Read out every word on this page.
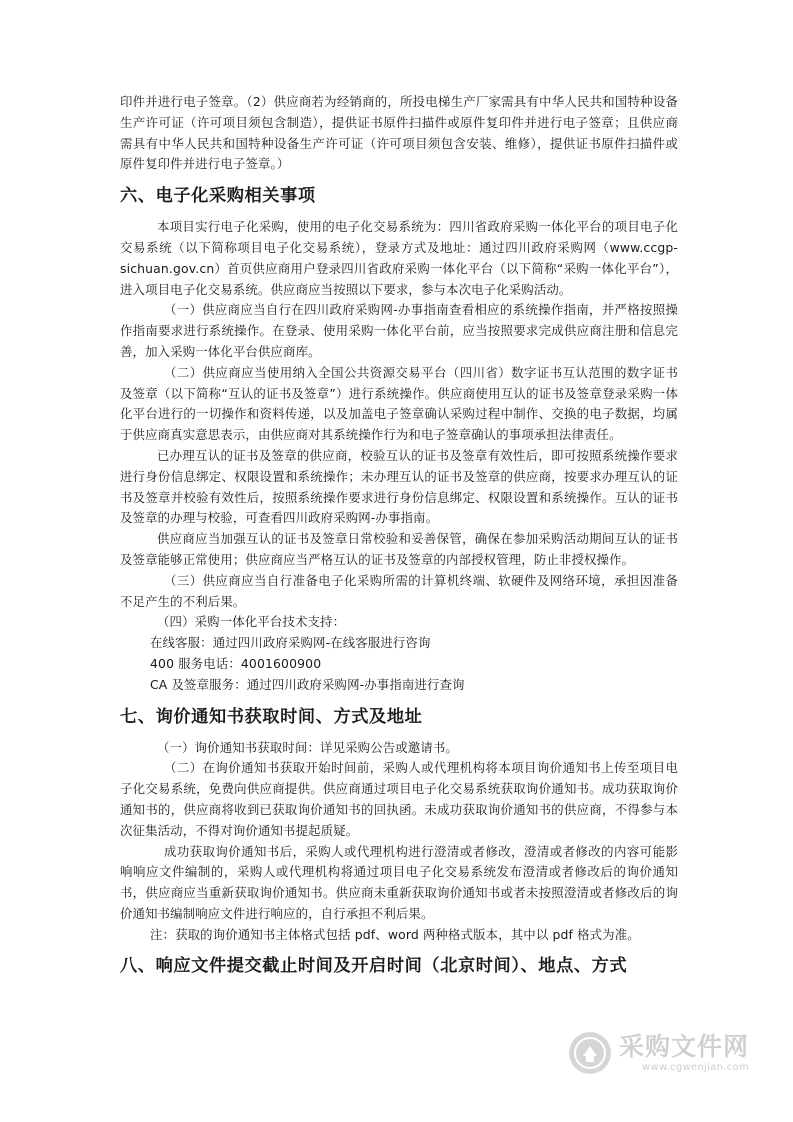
印件并进行电子签章。（2）供应商若为经销商的，所投电梯生产厂家需具有中华人民共和国特种设备生产许可证（许可项目须包含制造），提供证书原件扫描件或原件复印件并进行电子签章；且供应商需具有中华人民共和国特种设备生产许可证（许可项目须包含安装、维修），提供证书原件扫描件或原件复印件并进行电子签章。）

六、电子化采购相关事项

本项目实行电子化采购，使用的电子化交易系统为：四川省政府采购一体化平台的项目电子化交易系统（以下简称项目电子化交易系统），登录方式及地址：通过四川政府采购网（www.ccgp-sichuan.gov.cn）首页供应商用户登录四川省政府采购一体化平台（以下简称“采购一体化平台”），进入项目电子化交易系统。供应商应当按照以下要求，参与本次电子化采购活动。

（一）供应商应当自行在四川政府采购网-办事指南查看相应的系统操作指南，并严格按照操作指南要求进行系统操作。在登录、使用采购一体化平台前，应当按照要求完成供应商注册和信息完善，加入采购一体化平台供应商库。

（二）供应商应当使用纳入全国公共资源交易平台（四川省）数字证书互认范围的数字证书及签章（以下简称“互认的证书及签章”）进行系统操作。供应商使用互认的证书及签章登录采购一体化平台进行的一切操作和资料传递，以及加盖电子签章确认采购过程中制作、交换的电子数据，均属于供应商真实意思表示，由供应商对其系统操作行为和电子签章确认的事项承担法律责任。

已办理互认的证书及签章的供应商，校验互认的证书及签章有效性后，即可按照系统操作要求进行身份信息绑定、权限设置和系统操作；未办理互认的证书及签章的供应商，按要求办理互认的证书及签章并校验有效性后，按照系统操作要求进行身份信息绑定、权限设置和系统操作。互认的证书及签章的办理与校验，可查看四川政府采购网-办事指南。

供应商应当加强互认的证书及签章日常校验和妥善保管，确保在参加采购活动期间互认的证书及签章能够正常使用；供应商应当严格互认的证书及签章的内部授权管理，防止非授权操作。

（三）供应商应当自行准备电子化采购所需的计算机终端、软硬件及网络环境，承担因准备不足产生的不利后果。

（四）采购一体化平台技术支持：

在线客服：通过四川政府采购网-在线客服进行咨询

400 服务电话：4001600900

CA 及签章服务：通过四川政府采购网-办事指南进行查询

七、询价通知书获取时间、方式及地址

（一）询价通知书获取时间：详见采购公告或邀请书。

（二）在询价通知书获取开始时间前，采购人或代理机构将本项目询价通知书上传至项目电子化交易系统，免费向供应商提供。供应商通过项目电子化交易系统获取询价通知书。成功获取询价通知书的，供应商将收到已获取询价通知书的回执函。未成功获取询价通知书的供应商，不得参与本次征集活动，不得对询价通知书提起质疑。

成功获取询价通知书后，采购人或代理机构进行澄清或者修改，澄清或者修改的内容可能影响响应文件编制的，采购人或代理机构将通过项目电子化交易系统发布澄清或者修改后的询价通知书，供应商应当重新获取询价通知书。供应商未重新获取询价通知书或者未按照澄清或者修改后的询价通知书编制响应文件进行响应的，自行承担不利后果。

注：获取的询价通知书主体格式包括 pdf、word 两种格式版本，其中以 pdf 格式为准。

八、响应文件提交截止时间及开启时间（北京时间）、地点、方式
采购文件网
www.cgwenjian.com
